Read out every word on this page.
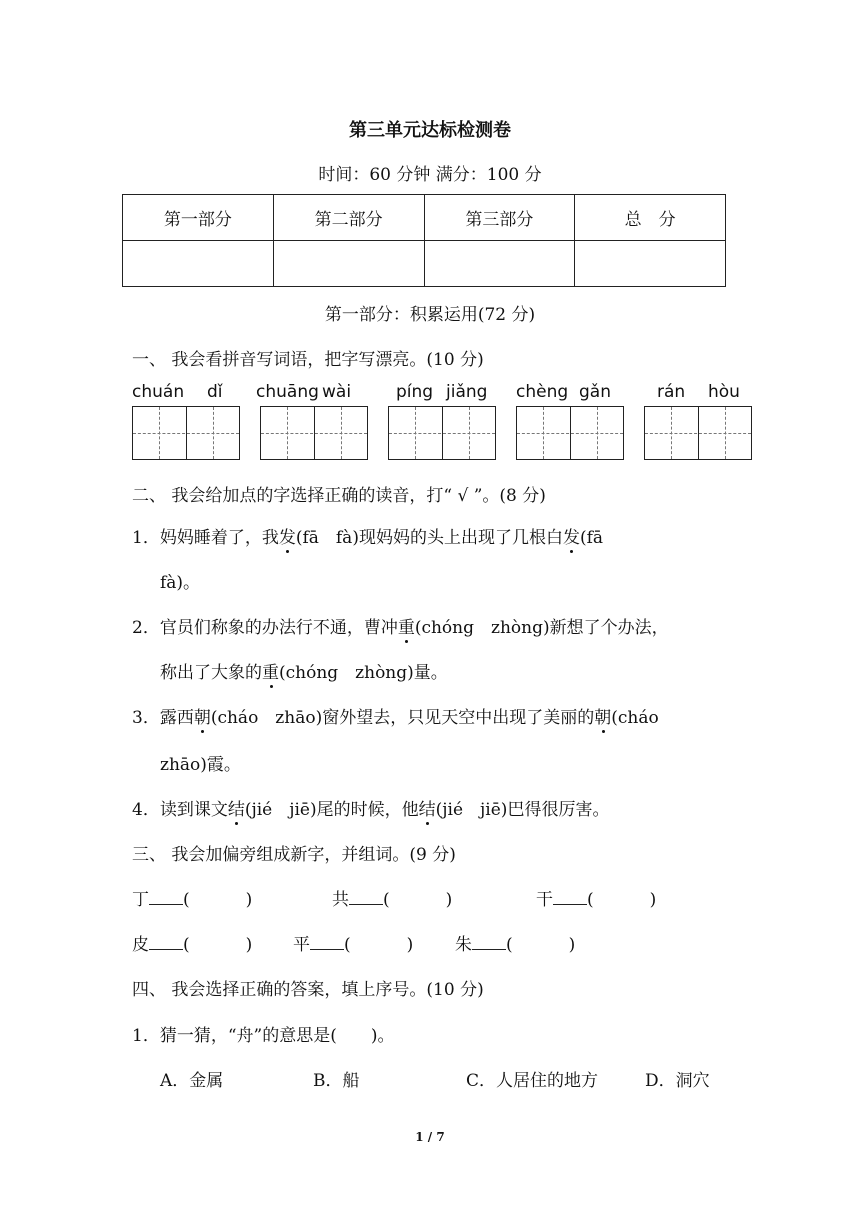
第三单元达标检测卷
时间：60 分钟 满分：100 分
第一部分	第二部分	第三部分	总　分

第一部分：积累运用(72 分)
一、 我会看拼音写词语，把字写漂亮。(10 分)
chuán dǐ chuāng wài	píng jiǎng chèng gǎn	rán hòu
二、 我会给加点的字选择正确的读音，打“ √ ”。(8 分)
1．妈妈睡着了，我发(fā　fà)现妈妈的头上出现了几根白发(fā
fà)。
2．官员们称象的办法行不通，曹冲重(chóng　zhòng)新想了个办法，
称出了大象的重(chóng　zhòng)量。
3．露西朝(cháo　zhāo)窗外望去，只见天空中出现了美丽的朝(cháo
zhāo)霞。
4．读到课文结(jié　jiē)尾的时候，他结(jié　jiē)巴得很厉害。
三、 我会加偏旁组成新字，并组词。(9 分)
丁 (	)	共 (	)	干 (	)
皮 (	) 平 (	) 朱 (	)
四、 我会选择正确的答案，填上序号。(10 分)
1．猜一猜，“舟”的意思是(　　)。
A．金属	B．船	C．人居住的地方	D．洞穴
1 / 7
